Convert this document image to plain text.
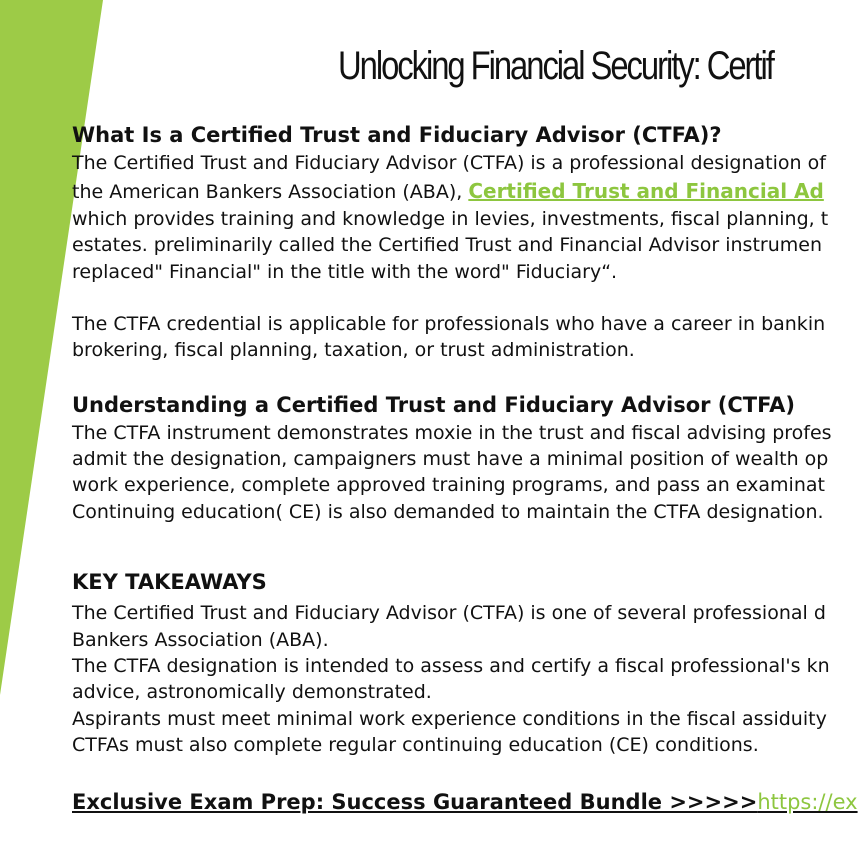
Unlocking Financial Security: Certif
What Is a Certified Trust and Fiduciary Advisor (CTFA)?
The Certified Trust and Fiduciary Advisor (CTFA) is a professional designation of
the American Bankers Association (ABA), Certified Trust and Financial Ad
which provides training and knowledge in levies, investments, fiscal planning, t
estates. preliminarily called the Certified Trust and Financial Advisor instrumen
replaced" Financial" in the title with the word" Fiduciary“.
The CTFA credential is applicable for professionals who have a career in bankin
brokering, fiscal planning, taxation, or trust administration.
Understanding a Certified Trust and Fiduciary Advisor (CTFA)
The CTFA instrument demonstrates moxie in the trust and fiscal advising profes
admit the designation, campaigners must have a minimal position of wealth op
work experience, complete approved training programs, and pass an examinat
Continuing education( CE) is also demanded to maintain the CTFA designation.
KEY TAKEAWAYS
The Certified Trust and Fiduciary Advisor (CTFA) is one of several professional d
Bankers Association (ABA).
The CTFA designation is intended to assess and certify a fiscal professional's kn
advice, astronomically demonstrated.
Aspirants must meet minimal work experience conditions in the fiscal assiduity
CTFAs must also complete regular continuing education (CE) conditions.
Exclusive Exam Prep: Success Guaranteed Bundle >>>>>https://ex
